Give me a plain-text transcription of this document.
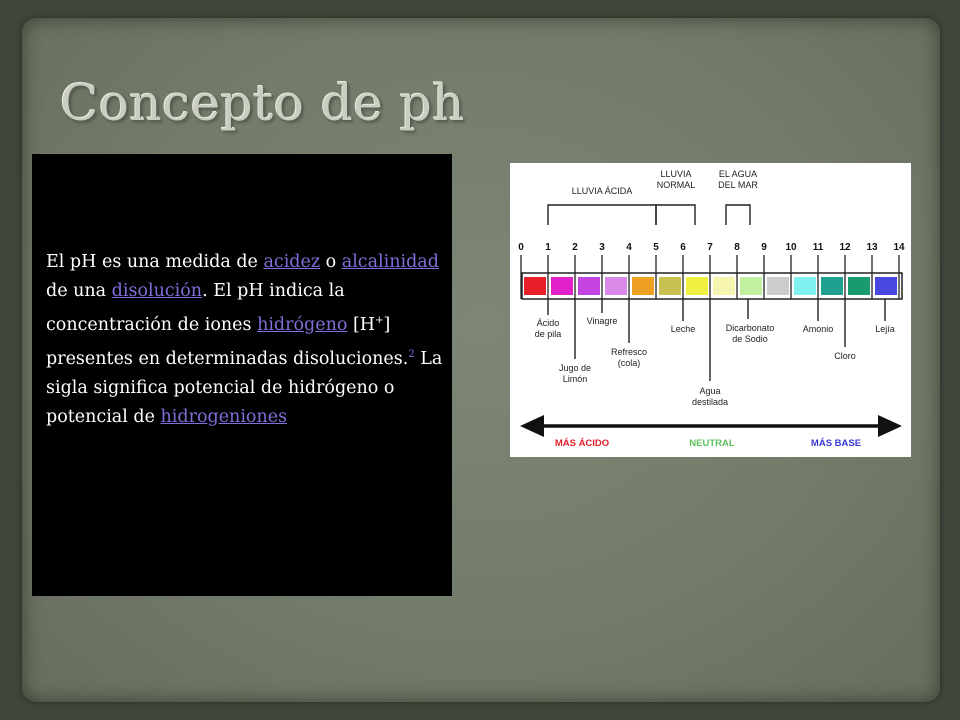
Concepto de ph

El pH es una medida de acidez o alcalinidad de una disolución. El pH indica la concentración de iones hidrógeno [H+] presentes en determinadas disoluciones.$^2$ La sigla significa potencial de hidrógeno o potencial de hidrogeniones

LLUVIA ÁCIDA
LLUVIA
NORMAL
EL AGUA
DEL MAR
0 1 2 3 4 5 6 7 8 9 10 11 12 13 14
Ácido
de pila
Jugo de
Limón
Vinagre
Refresco
(cola)
Leche
Agua
destilada
Dicarbonato
de Sodio
Amonio
Cloro
Lejía
MÁS ÁCIDO	NEUTRAL	MÁS BASE
